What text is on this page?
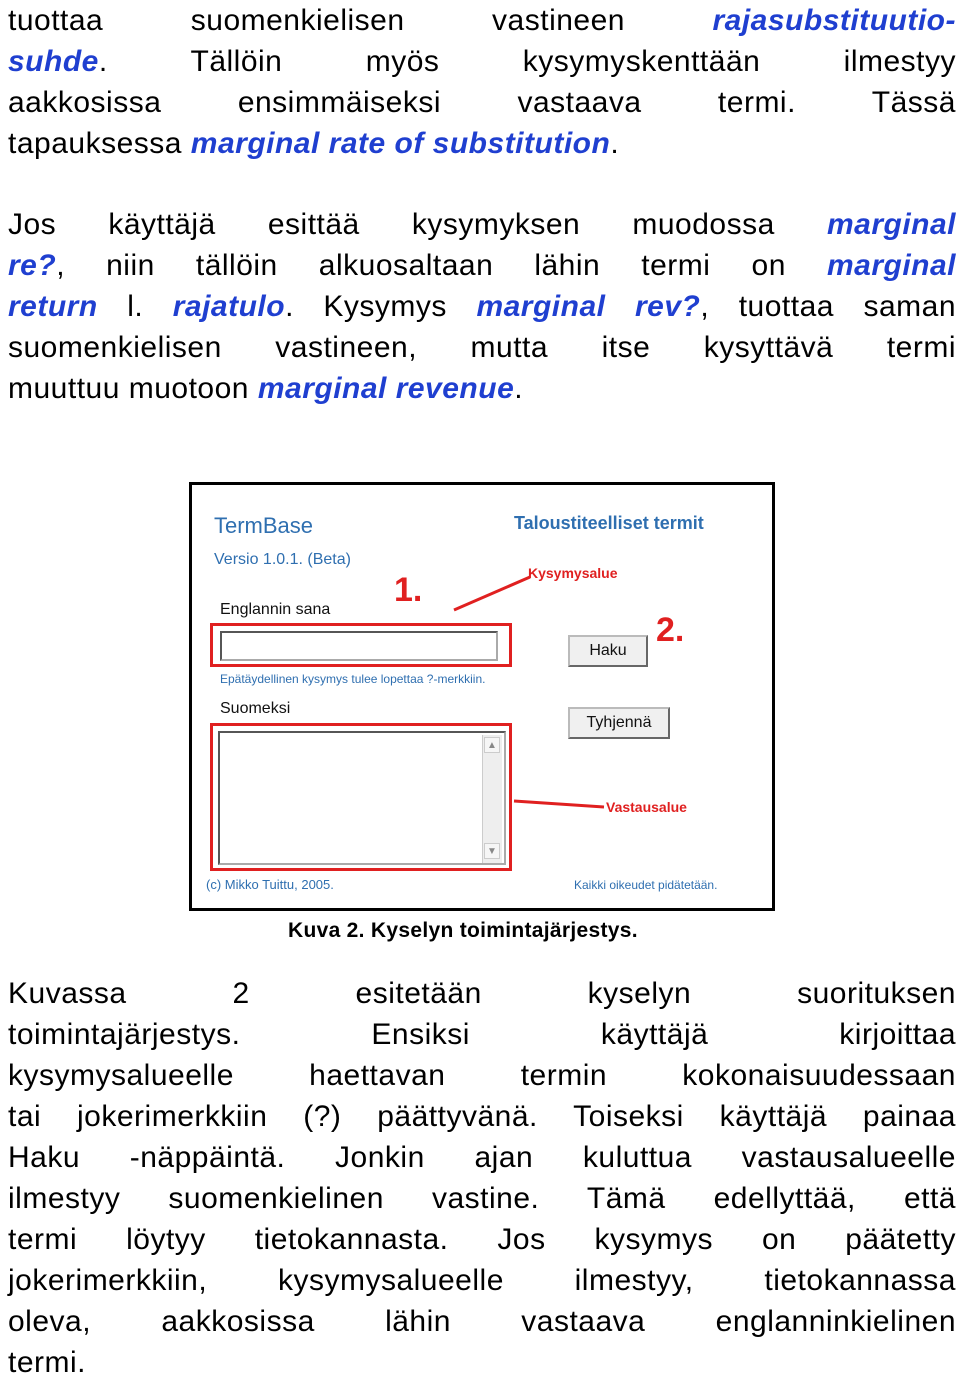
tuottaa suomenkielisen vastineen rajasubstituutio-
suhde. Tällöin myös kysymyskenttään ilmestyy
aakkosissa ensimmäiseksi vastaava termi. Tässä
tapauksessa marginal rate of substitution.
Jos käyttäjä esittää kysymyksen muodossa marginal
re?, niin tällöin alkuosaltaan lähin termi on marginal
return l. rajatulo. Kysymys marginal rev?, tuottaa saman
suomenkielisen vastineen, mutta itse kysyttävä termi
muuttuu muotoon marginal revenue.
TermBase
Versio 1.0.1. (Beta)
Taloustiteelliset termit
Englannin sana
Epätäydellinen kysymys tulee lopettaa ?-merkkiin.
Suomeksi
▲
▼
Haku
Tyhjennä
1.
2.
Kysymysalue
Vastausalue
(c) Mikko Tuittu, 2005.	Kaikki oikeudet pidätetään.
Kuva 2. Kyselyn toimintajärjestys.
Kuvassa 2 esitetään kyselyn suorituksen
toimintajärjestys. Ensiksi käyttäjä kirjoittaa
kysymysalueelle haettavan termin kokonaisuudessaan
tai jokerimerkkiin (?) päättyvänä. Toiseksi käyttäjä painaa
Haku -näppäintä. Jonkin ajan kuluttua vastausalueelle
ilmestyy suomenkielinen vastine. Tämä edellyttää, että
termi löytyy tietokannasta. Jos kysymys on päätetty
jokerimerkkiin, kysymysalueelle ilmestyy, tietokannassa
oleva, aakkosissa lähin vastaava englanninkielinen
termi.
